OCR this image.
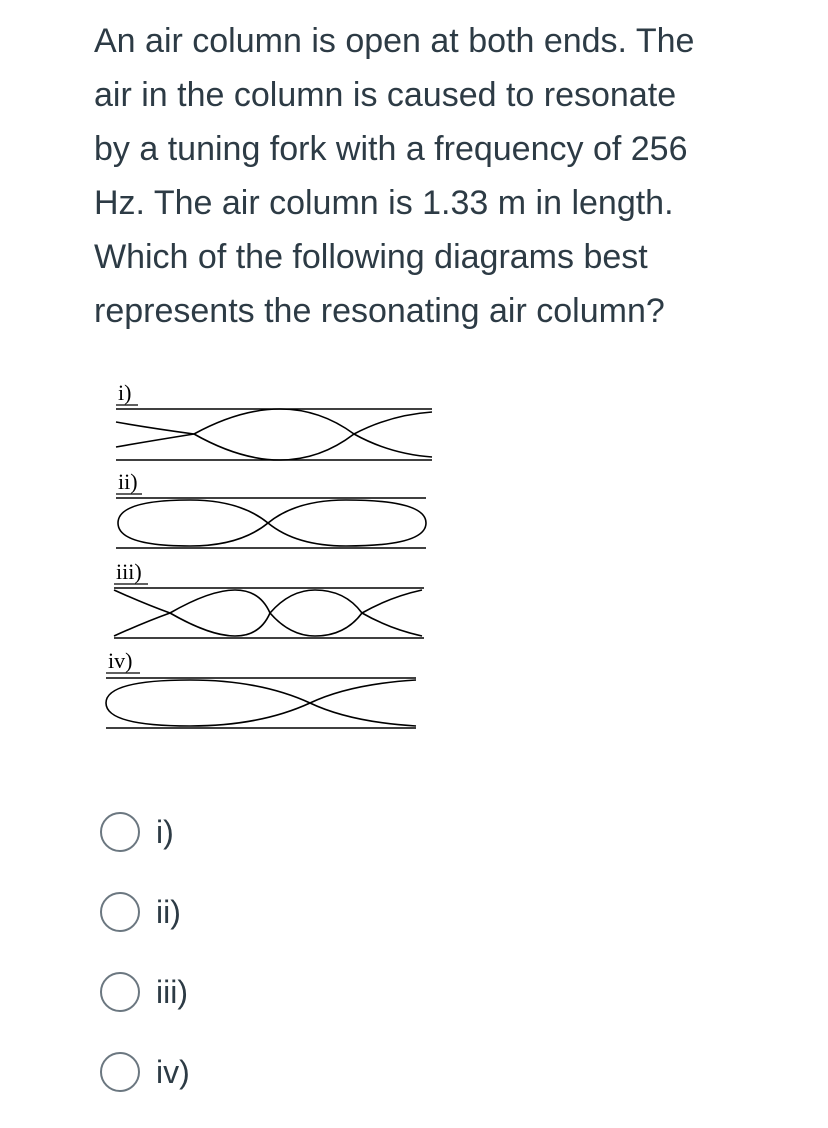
An air column is open at both ends. The
air in the column is caused to resonate
by a tuning fork with a frequency of 256
Hz. The air column is 1.33 m in length.
Which of the following diagrams best
represents the resonating air column?
i)
ii)
iii)
iv)
i)
ii)
iii)
iv)
